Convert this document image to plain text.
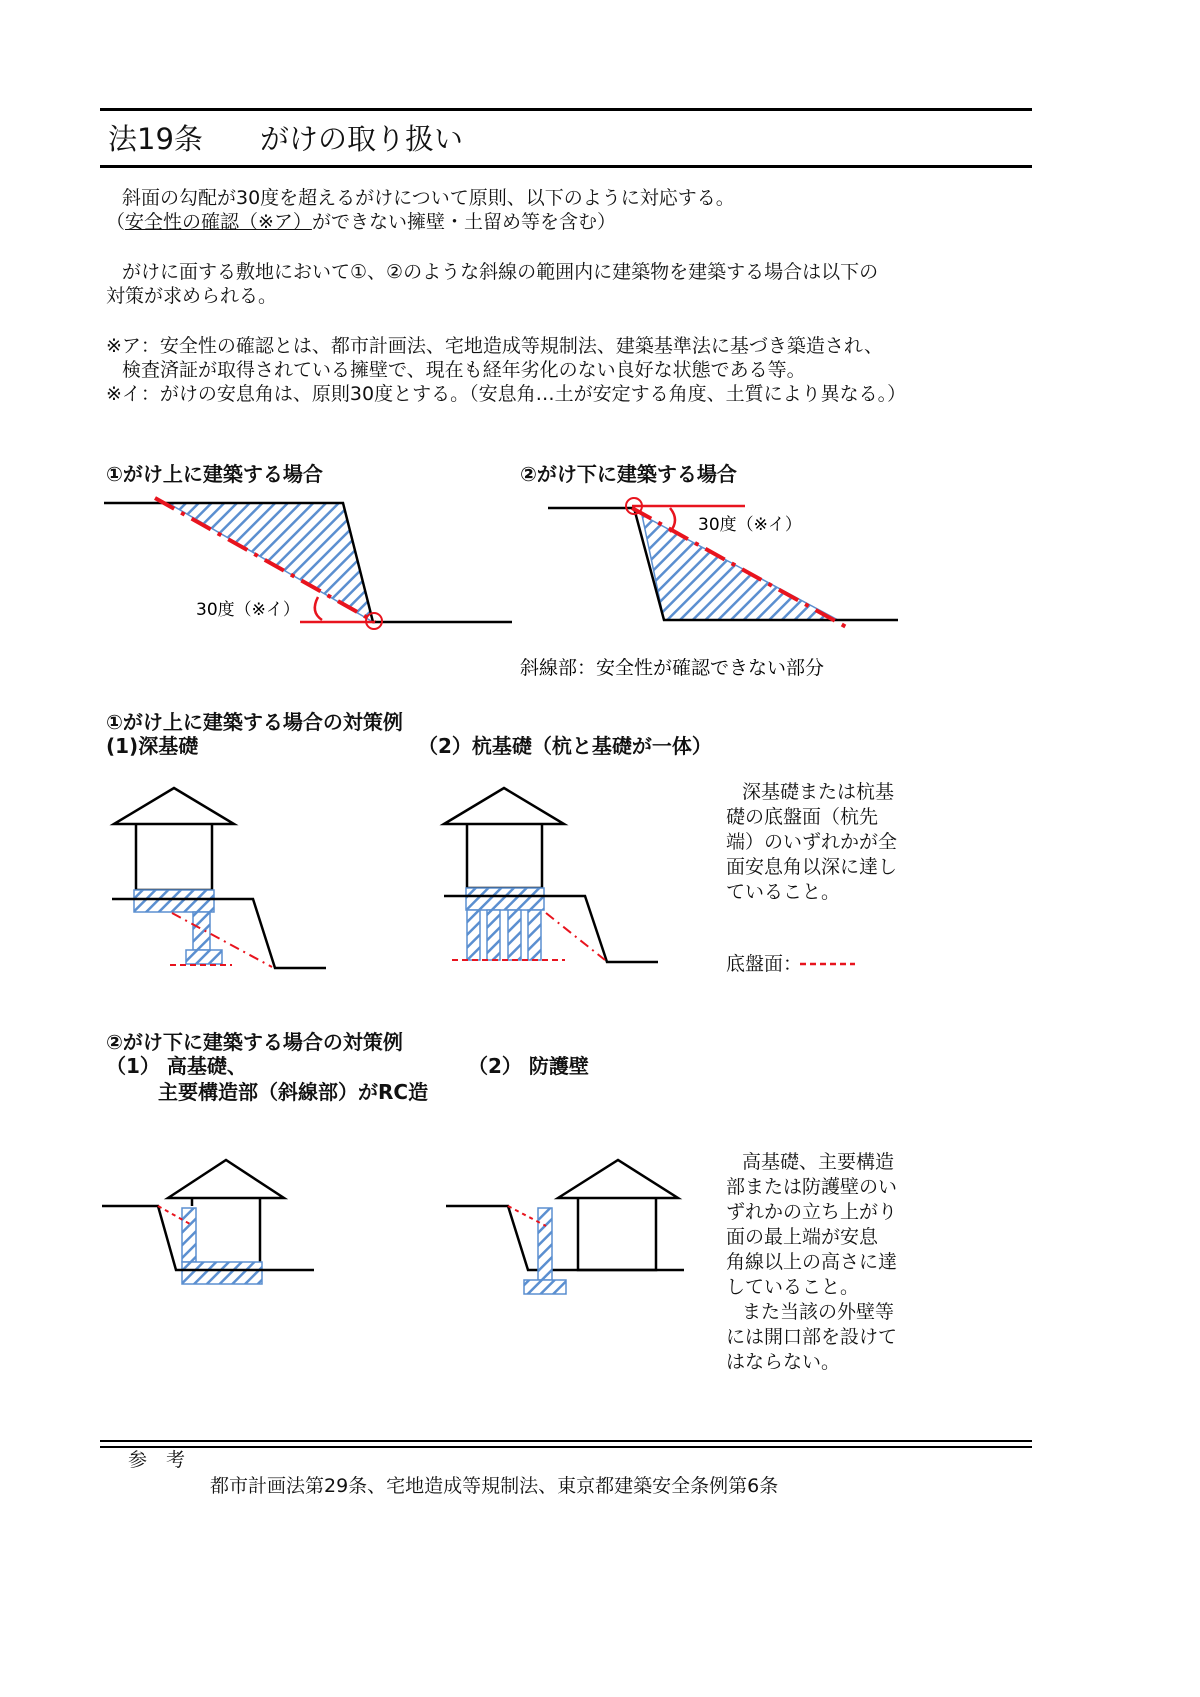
法19条 がけの取り扱い
斜面の勾配が30度を超えるがけについて原則、以下のように対応する。
（安全性の確認（※ア）ができない擁壁・土留め等を含む）
がけに面する敷地において①、②のような斜線の範囲内に建築物を建築する場合は以下の
対策が求められる。
※ア：安全性の確認とは、都市計画法、宅地造成等規制法、建築基準法に基づき築造され、
検査済証が取得されている擁壁で、現在も経年劣化のない良好な状態である等。
※イ：がけの安息角は、原則30度とする。（安息角…土が安定する角度、土質により異なる。）
①がけ上に建築する場合	②がけ下に建築する場合
30度（※イ）
30度（※イ）
斜線部：安全性が確認できない部分
①がけ上に建築する場合の対策例
(1)深基礎	（2）杭基礎（杭と基礎が一体）
深基礎または杭基
礎の底盤面（杭先
端）のいずれかが全
面安息角以深に達し
ていること。
底盤面：
②がけ下に建築する場合の対策例
（1） 高基礎、
主要構造部（斜線部）がRC造
（2） 防護壁
高基礎、主要構造
部または防護壁のい
ずれかの立ち上がり
面の最上端が安息
角線以上の高さに達
していること。
また当該の外壁等
には開口部を設けて
はならない。
参　考
都市計画法第29条、宅地造成等規制法、東京都建築安全条例第6条
